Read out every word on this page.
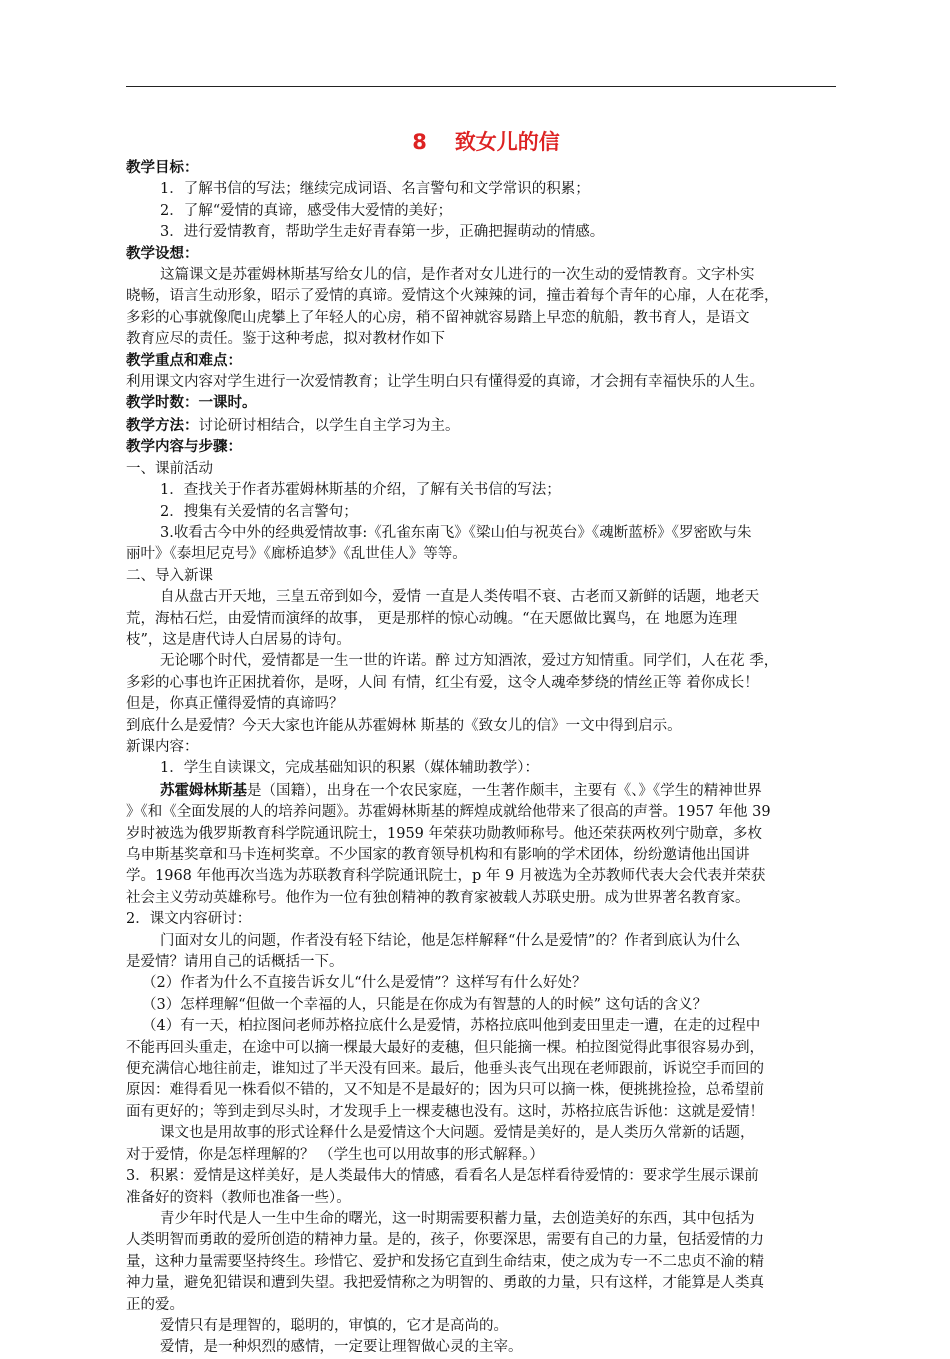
8 致女儿的信

教学目标：

1．了解书信的写法；继续完成词语、名言警句和文学常识的积累；

2．了解“爱情的真谛，感受伟大爱情的美好；

3．进行爱情教育，帮助学生走好青春第一步，正确把握萌动的情感。

教学设想：

这篇课文是苏霍姆林斯基写给女儿的信，是作者对女儿进行的一次生动的爱情教育。文字朴实

晓畅，语言生动形象，昭示了爱情的真谛。爱情这个火辣辣的词，撞击着每个青年的心扉，人在花季，

多彩的心事就像爬山虎攀上了年轻人的心房，稍不留神就容易踏上早恋的航船，教书育人，是语文

教育应尽的责任。鉴于这种考虑，拟对教材作如下

教学重点和难点：

利用课文内容对学生进行一次爱情教育；让学生明白只有懂得爱的真谛，才会拥有幸福快乐的人生。

教学时数：一课时。

教学方法：讨论研讨相结合，以学生自主学习为主。

教学内容与步骤：

一、课前活动

1．查找关于作者苏霍姆林斯基的介绍，了解有关书信的写法；

2．搜集有关爱情的名言警句；

3.收看古今中外的经典爱情故事:《孔雀东南飞》《梁山伯与祝英台》《魂断蓝桥》《罗密欧与朱

丽叶》《泰坦尼克号》《廊桥追梦》《乱世佳人》等等。

二、导入新课

自从盘古开天地，三皇五帝到如今，爱情 一直是人类传唱不衰、古老而又新鲜的话题，地老天

荒，海枯石烂，由爱情而演绎的故事， 更是那样的惊心动魄。“在天愿做比翼鸟，在 地愿为连理

枝”，这是唐代诗人白居易的诗句。

无论哪个时代，爱情都是一生一世的许诺。醉 过方知酒浓，爱过方知情重。同学们，人在花 季，

多彩的心事也许正困扰着你，是呀，人间 有情，红尘有爱，这令人魂牵梦绕的情丝正等 着你成长！

但是，你真正懂得爱情的真谛吗？

到底什么是爱情？今天大家也许能从苏霍姆林 斯基的《致女儿的信》一文中得到启示。

新课内容：

1．学生自读课文，完成基础知识的积累（媒体辅助教学）：

苏霍姆林斯基是（国籍），出身在一个农民家庭，一生著作颇丰，主要有《、》《学生的精神世界

》《和《全面发展的人的培养问题》。苏霍姆林斯基的辉煌成就给他带来了很高的声誉。1957 年他 39

岁时被选为俄罗斯教育科学院通讯院士，1959 年荣获功勋教师称号。他还荣获两枚列宁勋章，多枚

乌申斯基奖章和马卡连柯奖章。不少国家的教育领导机构和有影响的学术团体，纷纷邀请他出国讲

学。1968 年他再次当选为苏联教育科学院通讯院士，p 年 9 月被选为全苏教师代表大会代表并荣获

社会主义劳动英雄称号。他作为一位有独创精神的教育家被载人苏联史册。成为世界著名教育家。

2．课文内容研讨：

门面对女儿的问题，作者没有轻下结论，他是怎样解释“什么是爱情”的？作者到底认为什么

是爱情？请用自己的话概括一下。

（2）作者为什么不直接告诉女儿“什么是爱情”？这样写有什么好处？

（3）怎样理解“但做一个幸福的人，只能是在你成为有智慧的人的时候” 这句话的含义？

（4）有一天，柏拉图问老师苏格拉底什么是爱情，苏格拉底叫他到麦田里走一遭，在走的过程中

不能再回头重走，在途中可以摘一棵最大最好的麦穗，但只能摘一棵。柏拉图觉得此事很容易办到，

便充满信心地往前走，谁知过了半天没有回来。最后，他垂头丧气出现在老师跟前，诉说空手而回的

原因：难得看见一株看似不错的，又不知是不是最好的；因为只可以摘一株，便挑挑捡捡，总希望前

面有更好的；等到走到尽头时，才发现手上一棵麦穗也没有。这时，苏格拉底告诉他：这就是爱情！

课文也是用故事的形式诠释什么是爱情这个大问题。爱情是美好的，是人类历久常新的话题，

对于爱情，你是怎样理解的？ （学生也可以用故事的形式解释。）

3．积累：爱情是这样美好，是人类最伟大的情感，看看名人是怎样看待爱情的：要求学生展示课前

准备好的资料（教师也准备一些）。

青少年时代是人一生中生命的曙光，这一时期需要积蓄力量，去创造美好的东西，其中包括为

人类明智而勇敢的爱所创造的精神力量。是的，孩子，你要深思，需要有自己的力量，包括爱情的力

量，这种力量需要坚持终生。珍惜它、爱护和发扬它直到生命结束，使之成为专一不二忠贞不渝的精

神力量，避免犯错误和遭到失望。我把爱情称之为明智的、勇敢的力量，只有这样，才能算是人类真

正的爱。

爱情只有是理智的，聪明的，审慎的，它才是高尚的。

爱情，是一种炽烈的感情，一定要让理智做心灵的主宰。
